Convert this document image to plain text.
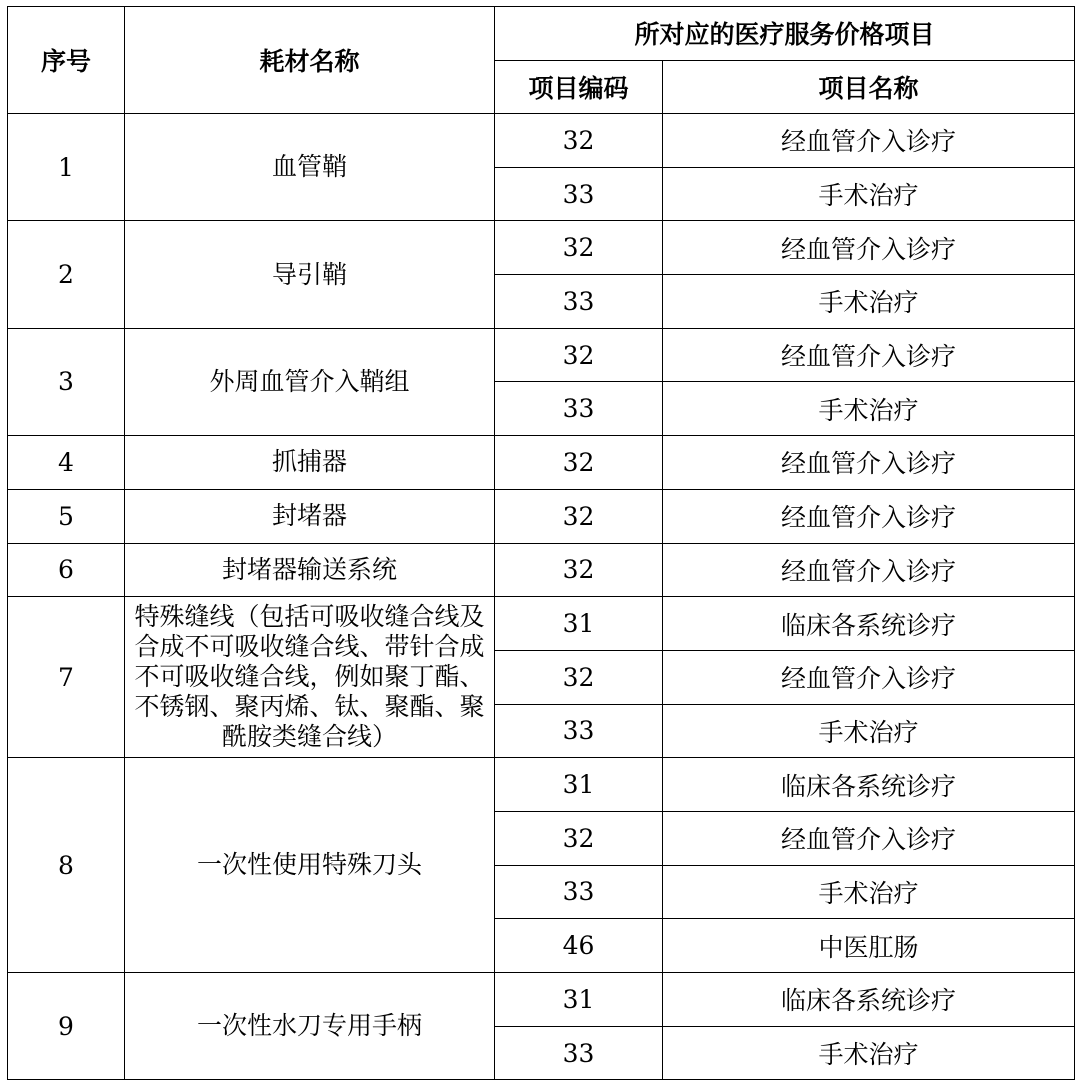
序号	耗材名称	所对应的医疗服务价格项目	
		项目编码	项目名称
1	血管鞘	32	经血管介入诊疗
		33	手术治疗
2	导引鞘	32	经血管介入诊疗
		33	手术治疗
3	外周血管介入鞘组	32	经血管介入诊疗
		33	手术治疗
4	抓捕器	32	经血管介入诊疗
5	封堵器	32	经血管介入诊疗
6	封堵器输送系统	32	经血管介入诊疗
7	特殊缝线（包括可吸收缝合线及合成不可吸收缝合线、带针合成不可吸收缝合线，例如聚丁酯、不锈钢、聚丙烯、钛、聚酯、聚酰胺类缝合线）	31	临床各系统诊疗
		32	经血管介入诊疗
		33	手术治疗
8	一次性使用特殊刀头	31	临床各系统诊疗
		32	经血管介入诊疗
		33	手术治疗
		46	中医肛肠
9	一次性水刀专用手柄	31	临床各系统诊疗
		33	手术治疗
